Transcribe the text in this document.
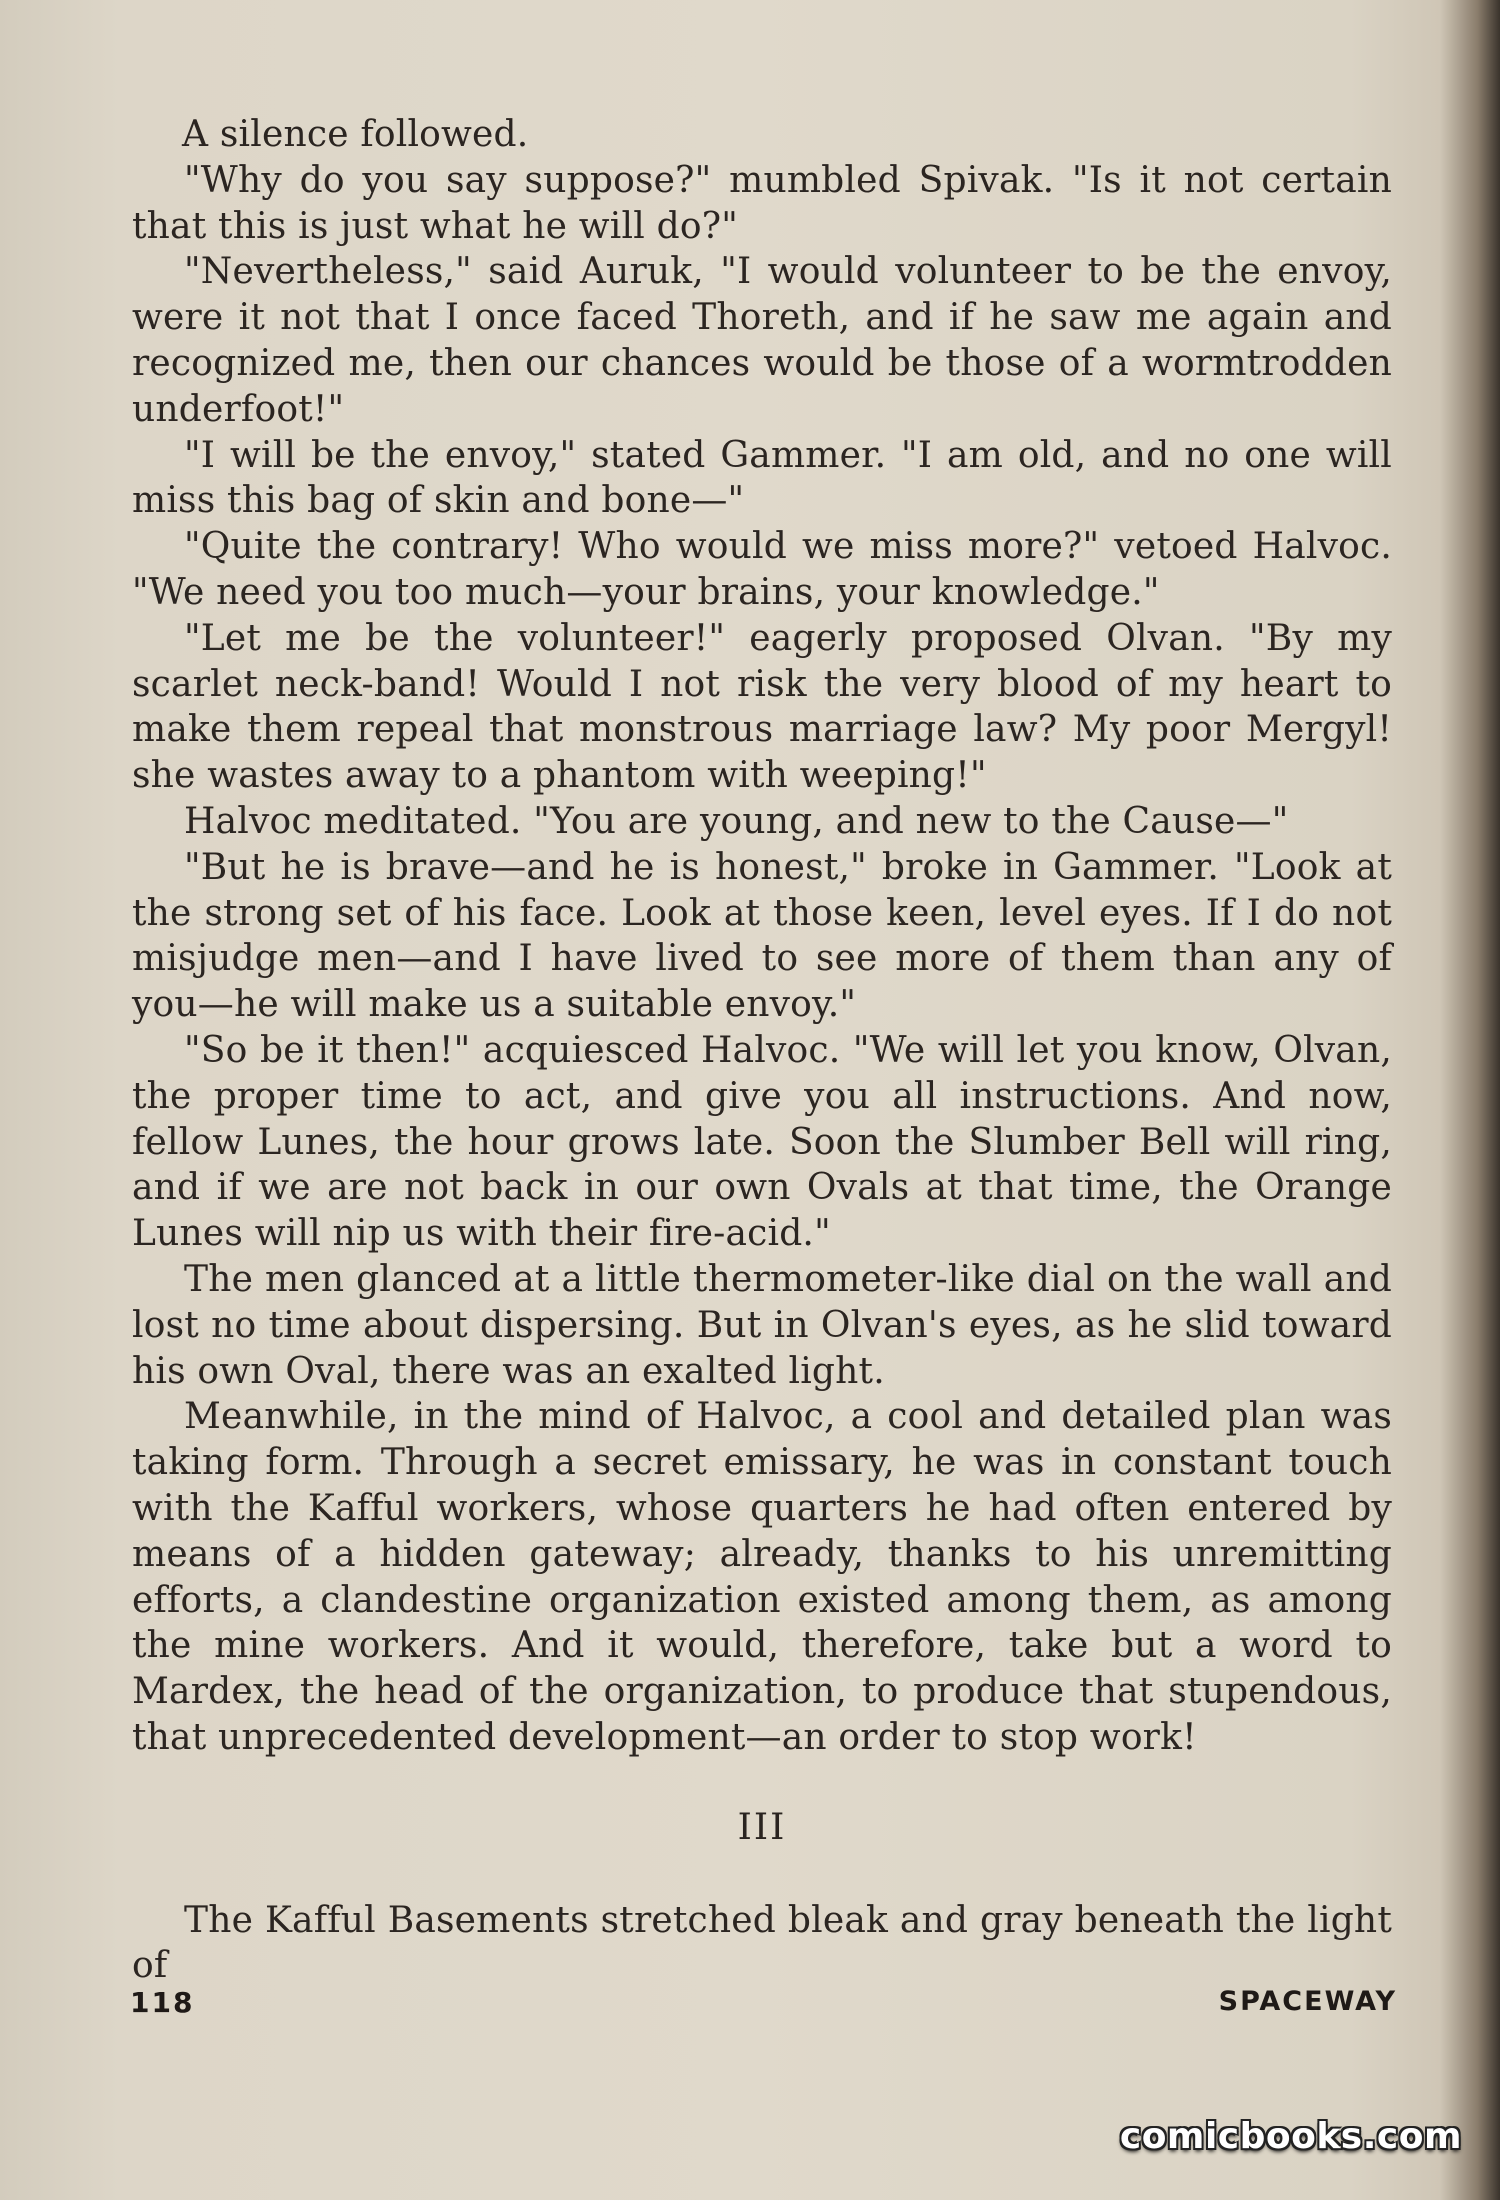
A silence followed.

"Why do you say suppose?" mumbled Spivak. "Is it not certain that this is just what he will do?"

"Nevertheless," said Auruk, "I would volunteer to be the envoy, were it not that I once faced Thoreth, and if he saw me again and recognized me, then our chances would be those of a wormtrodden underfoot!"

"I will be the envoy," stated Gammer. "I am old, and no one will miss this bag of skin and bone—"

"Quite the contrary! Who would we miss more?" vetoed Halvoc. "We need you too much—your brains, your knowledge."

"Let me be the volunteer!" eagerly proposed Olvan. "By my scarlet neck-band! Would I not risk the very blood of my heart to make them repeal that monstrous marriage law? My poor Mergyl! she wastes away to a phantom with weeping!"

Halvoc meditated. "You are young, and new to the Cause—"

"But he is brave—and he is honest," broke in Gammer. "Look at the strong set of his face. Look at those keen, level eyes. If I do not misjudge men—and I have lived to see more of them than any of you—he will make us a suitable envoy."

"So be it then!" acquiesced Halvoc. "We will let you know, Olvan, the proper time to act, and give you all instructions. And now, fellow Lunes, the hour grows late. Soon the Slumber Bell will ring, and if we are not back in our own Ovals at that time, the Orange Lunes will nip us with their fire-acid."

The men glanced at a little thermometer-like dial on the wall and lost no time about dispersing. But in Olvan's eyes, as he slid toward his own Oval, there was an exalted light.

Meanwhile, in the mind of Halvoc, a cool and detailed plan was taking form. Through a secret emissary, he was in constant touch with the Kafful workers, whose quarters he had often entered by means of a hidden gateway; already, thanks to his unremitting efforts, a clandestine organization existed among them, as among the mine workers. And it would, therefore, take but a word to Mardex, the head of the organization, to produce that stupendous, that unprecedented development—an order to stop work!

III

The Kafful Basements stretched bleak and gray beneath the light of

118	SPACEWAY
comicbooks.com
